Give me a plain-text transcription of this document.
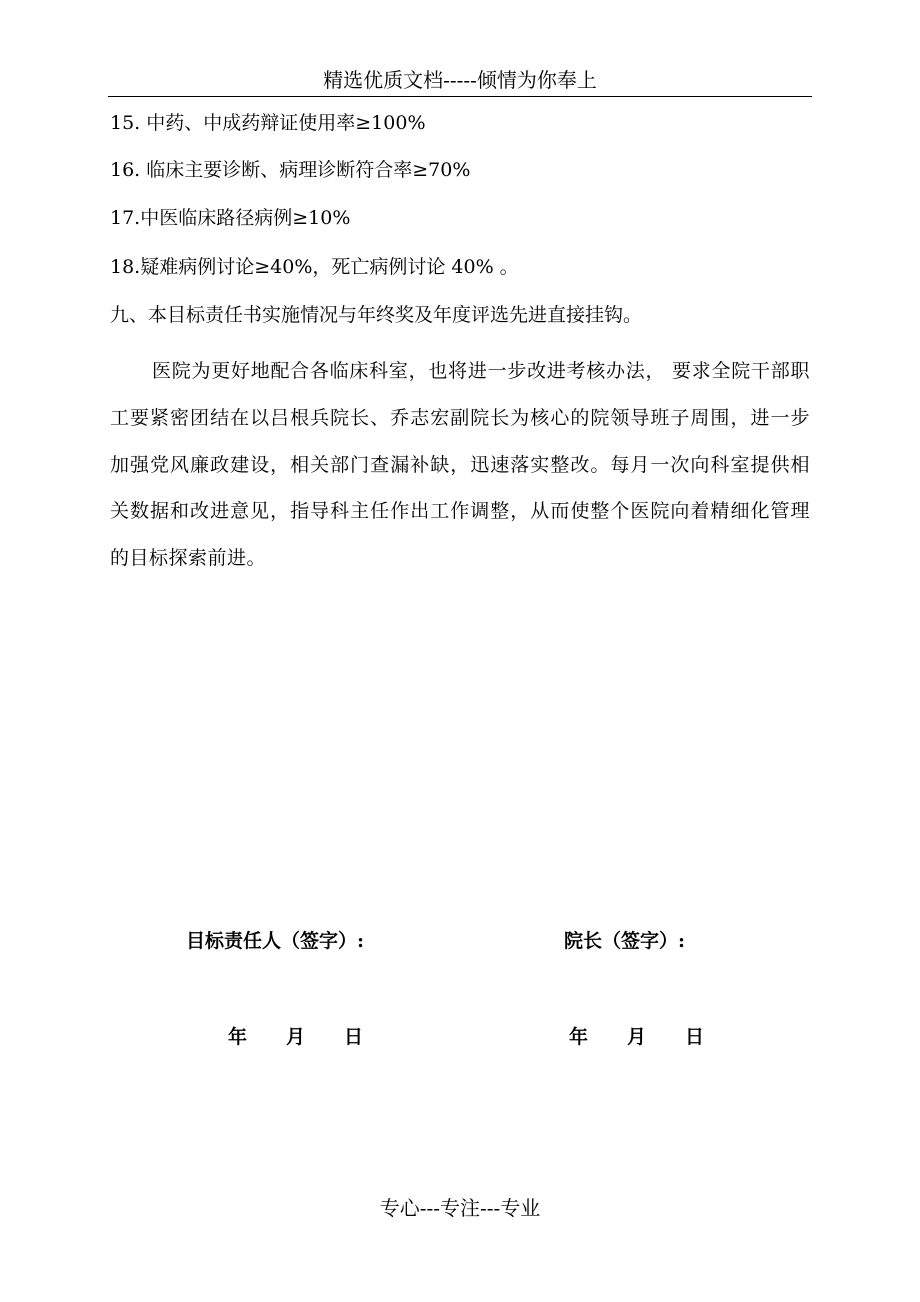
精选优质文档-----倾情为你奉上
15. 中药、中成药辩证使用率≥100%
16. 临床主要诊断、病理诊断符合率≥70%
17.中医临床路径病例≥10%
18.疑难病例讨论≥40%，死亡病例讨论 40% 。
九、本目标责任书实施情况与年终奖及年度评选先进直接挂钩。
医院为更好地配合各临床科室，也将进一步改进考核办法， 要求全院干部职工要紧密团结在以吕根兵院长、乔志宏副院长为核心的院领导班子周围，进一步加强党风廉政建设，相关部门查漏补缺，迅速落实整改。每月一次向科室提供相关数据和改进意见，指导科主任作出工作调整，从而使整个医院向着精细化管理的目标探索前进。
目标责任人（签字）:	院长（签字）:
年	月	日	年	月	日
专心---专注---专业
